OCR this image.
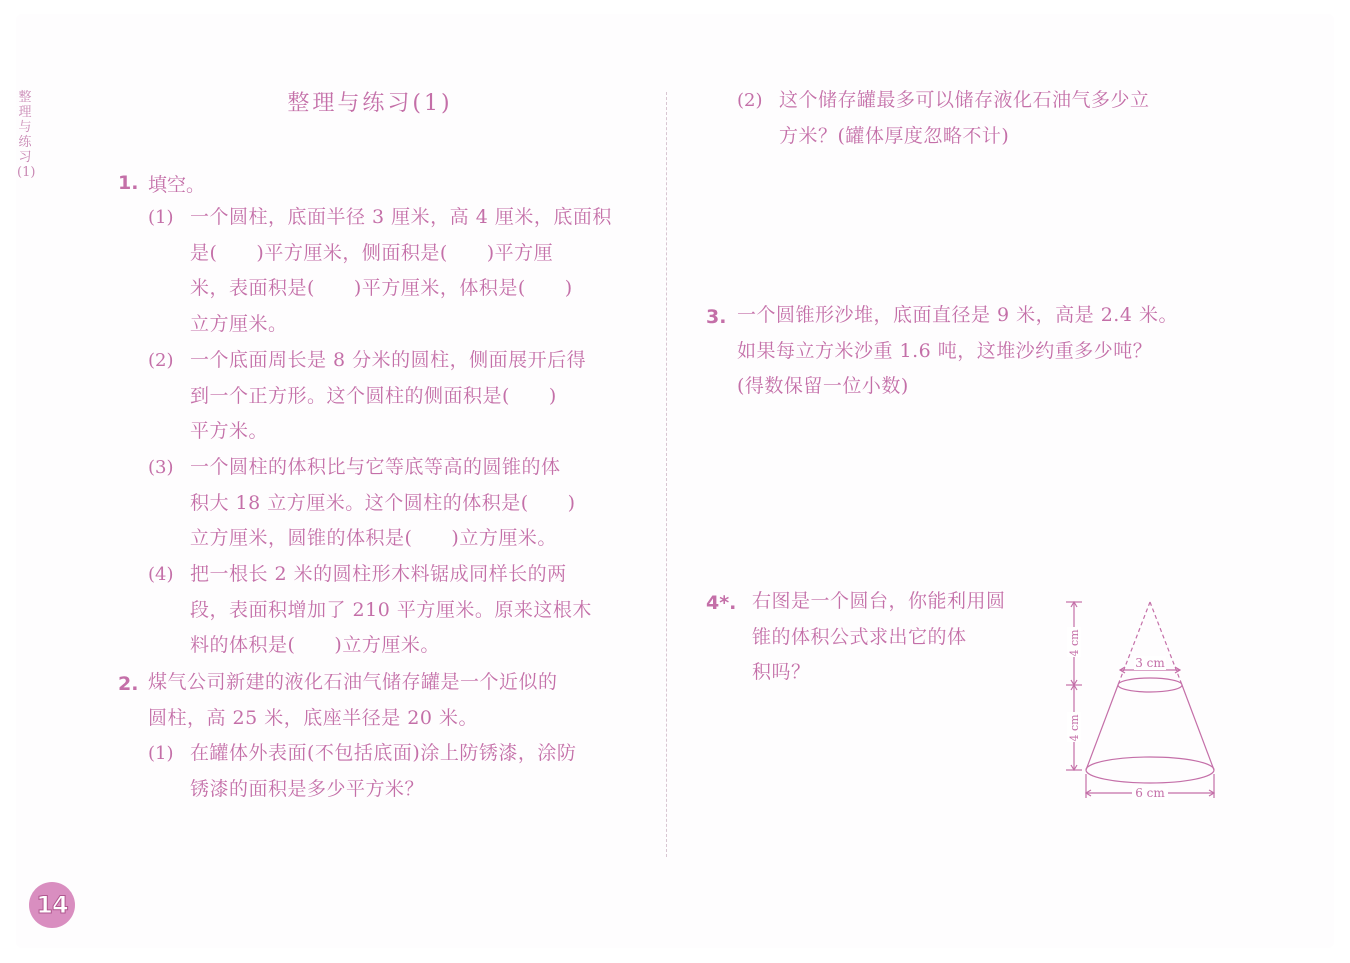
整理与练习(1)
整理与练习(1)
1. 填空。
(1) 一个圆柱，底面半径 3 厘米，高 4 厘米，底面积
是(　　)平方厘米，侧面积是(　　)平方厘
米，表面积是(　　)平方厘米，体积是(　　)
立方厘米。
(2) 一个底面周长是 8 分米的圆柱，侧面展开后得
到一个正方形。这个圆柱的侧面积是(　　)
平方米。
(3) 一个圆柱的体积比与它等底等高的圆锥的体
积大 18 立方厘米。这个圆柱的体积是(　　)
立方厘米，圆锥的体积是(　　)立方厘米。
(4) 把一根长 2 米的圆柱形木料锯成同样长的两
段，表面积增加了 210 平方厘米。原来这根木
料的体积是(　　)立方厘米。
2. 煤气公司新建的液化石油气储存罐是一个近似的
圆柱，高 25 米，底座半径是 20 米。
(1) 在罐体外表面(不包括底面)涂上防锈漆，涂防
锈漆的面积是多少平方米？
(2) 这个储存罐最多可以储存液化石油气多少立
方米？(罐体厚度忽略不计)
3. 一个圆锥形沙堆，底面直径是 9 米，高是 2.4 米。
如果每立方米沙重 1.6 吨，这堆沙约重多少吨？
(得数保留一位小数)
4*. 右图是一个圆台，你能利用圆
锥的体积公式求出它的体
积吗？	3 cm
6 cm
4 cm
4 cm
14
